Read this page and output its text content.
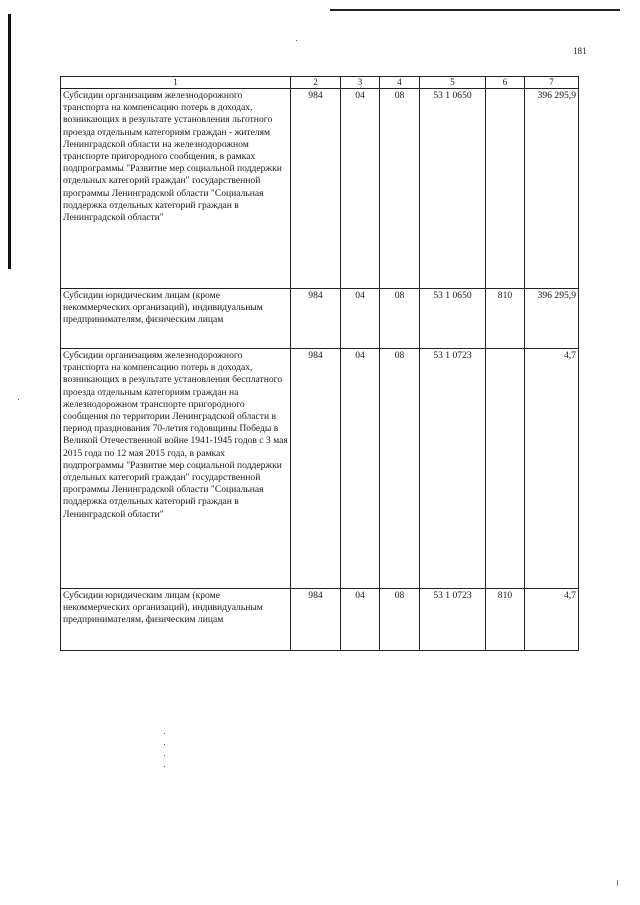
181
1	2	3	4	5	6	7
Субсидии организациям железнодорожного транспорта на компенсацию потерь в доходах, возникающих в результате установления льготного проезда отдельным категориям граждан - жителям Ленинградской области на железнодорожном транспорте пригородного сообщения, в рамках подпрограммы "Развитие мер социальной поддержки отдельных категорий граждан" государственной программы Ленинградской области "Социальная поддержка отдельных категорий граждан в Ленинградской области"	984	04	08	53 1 0650		396 295,9
Субсидии юридическим лицам (кроме некоммерческих организаций), индивидуальным предпринимателям, физическим лицам	984	04	08	53 1 0650	810	396 295,9
Субсидии организациям железнодорожного транспорта на компенсацию потерь в доходах, возникающих в результате установления бесплатного проезда отдельным категориям граждан на железнодорожном транспорте пригородного сообщения по территории Ленинградской области в период празднования 70-летия годовщины Победы в Великой Отечественной войне 1941-1945 годов с 3 мая 2015 года по 12 мая 2015 года, в рамках подпрограммы "Развитие мер социальной поддержки отдельных категорий граждан" государственной программы Ленинградской области "Социальная поддержка отдельных категорий граждан в Ленинградской области"	984	04	08	53 1 0723		4,7
Субсидии юридическим лицам (кроме некоммерческих организаций), индивидуальным предпринимателям, физическим лицам	984	04	08	53 1 0723	810	4,7
